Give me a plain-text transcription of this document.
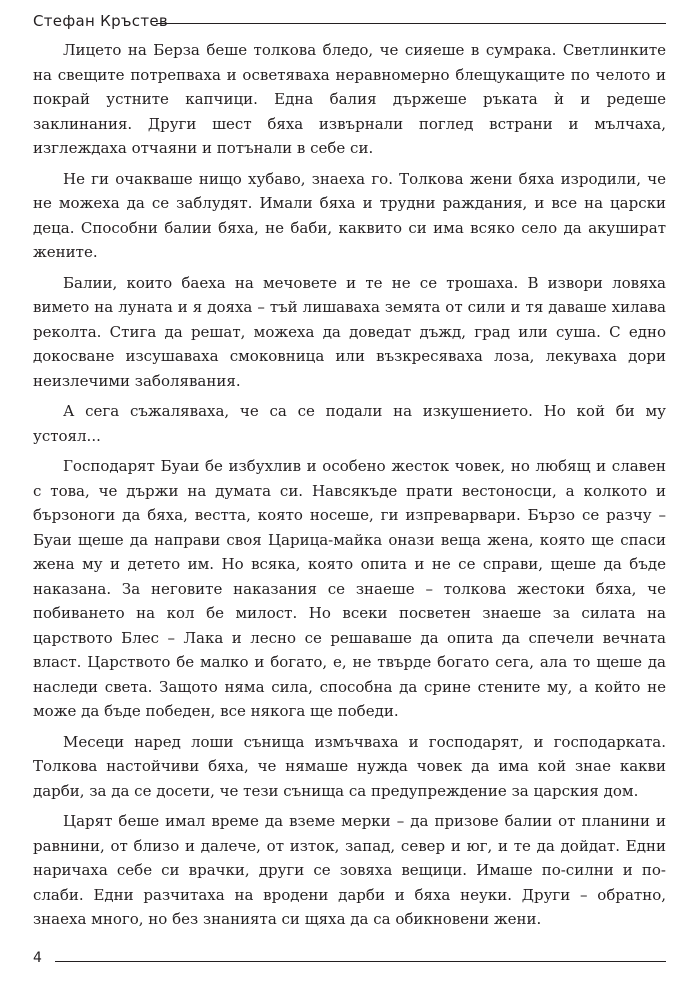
Стефан Кръстев

Лицето на Берза беше толкова бледо, че сияеше в сумрака. Светлинките на свещите потрепваха и осветяваха неравномерно блещукащите по челото и покрай устните капчици. Една балия държеше ръката ѝ и редеше заклинания. Други шест бяха извърнали поглед встрани и мълчаха, изглеждаха отчаяни и потънали в себе си.

Не ги очакваше нищо хубаво, знаеха го. Толкова жени бяха изродили, че не можеха да се заблудят. Имали бяха и трудни раждания, и все на царски деца. Способни балии бяха, не баби, каквито си има всяко село да акушират жените.

Балии, които баеха на мечовете и те не се трошаха. В извори ловяха вимето на луната и я дояха – тъй лишаваха земята от сили и тя даваше хилава реколта. Стига да решат, можеха да доведат дъжд, град или суша. С едно докосване изсушаваха смоковница или възкресяваха лоза, лекуваха дори неизлечими заболявания.

А сега съжаляваха, че са се подали на изкушението. Но кой би му устоял...

Господарят Буаи бе избухлив и особено жесток човек, но любящ и славен с това, че държи на думата си. Навсякъде прати вестоносци, а колкото и бързоноги да бяха, вестта, която носеше, ги изпреварвари. Бързо се разчу – Буаи щеше да направи своя Царица-майка онази веща жена, която ще спаси жена му и детето им. Но всяка, която опита и не се справи, щеше да бъде наказана. За неговите наказания се знаеше – толкова жестоки бяха, че побиването на кол бе милост. Но всеки посветен знаеше за силата на царството Блес – Лака и лесно се решаваше да опита да спечели вечната власт. Царството бе малко и богато, е, не твърде богато сега, ала то щеше да наследи света. Защото няма сила, способна да срине стените му, а който не може да бъде победен, все някога ще победи.

Месеци наред лоши сънища измъчваха и господарят, и господарката. Толкова настойчиви бяха, че нямаше нужда човек да има кой знае какви дарби, за да се досети, че тези сънища са предупреждение за царския дом.

Царят беше имал време да вземе мерки – да призове балии от планини и равнини, от близо и далече, от изток, запад, север и юг, и те да дойдат. Едни наричаха себе си врачки, други се зовяха вещици. Имаше по-силни и по-слаби. Едни разчитаха на вродени дарби и бяха неуки. Други – обратно, знаеха много, но без знанията си щяха да са обикновени жени.

4
